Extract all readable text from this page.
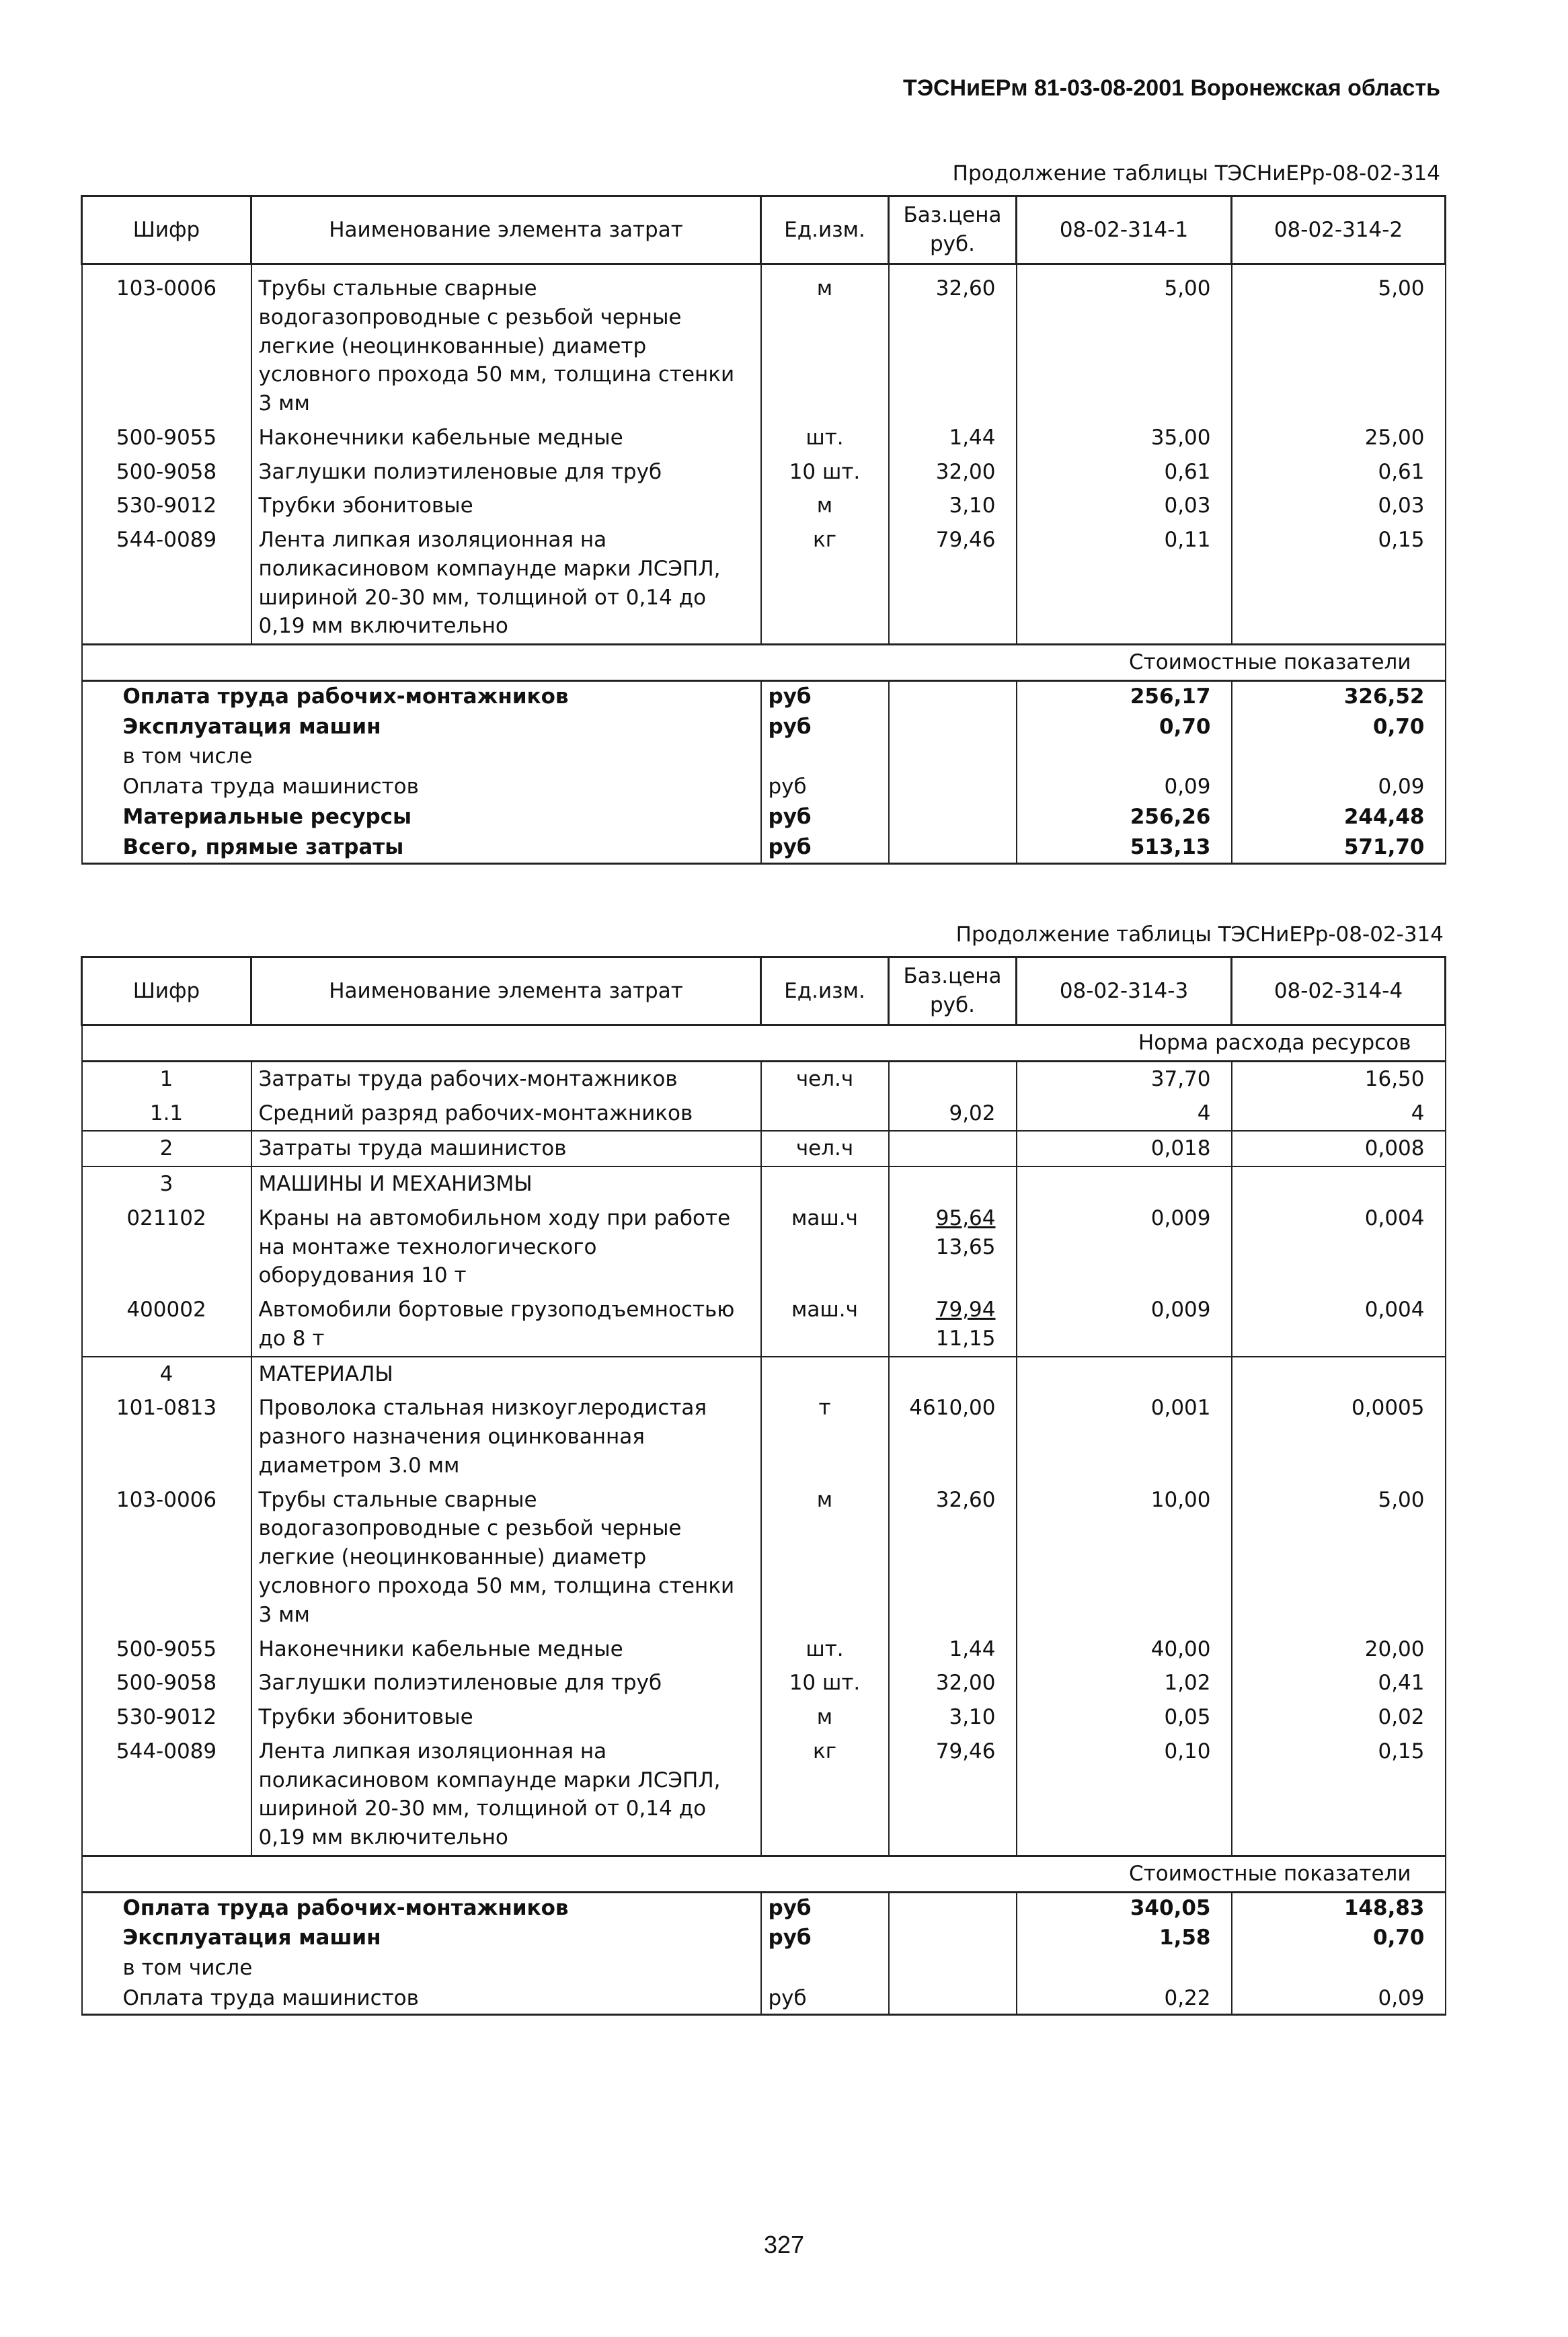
ТЭСНиЕРм 81-03-08-2001 Воронежская область
Продолжение таблицы ТЭСНиЕРр-08-02-314
Шифр	Наименование элемента затрат	Ед.изм.	Баз.цена руб.	08-02-314-1	08-02-314-2
103-0006	Трубы стальные сварные водогазопроводные с резьбой черные легкие (неоцинкованные) диаметр условного прохода 50 мм, толщина стенки 3 мм	м	32,60	5,00	5,00
500-9055	Наконечники кабельные медные	шт.	1,44	35,00	25,00
500-9058	Заглушки полиэтиленовые для труб	10 шт.	32,00	0,61	0,61
530-9012	Трубки эбонитовые	м	3,10	0,03	0,03
544-0089	Лента липкая изоляционная на поликасиновом компаунде марки ЛСЭПЛ, шириной 20-30 мм, толщиной от 0,14 до 0,19 мм включительно	кг	79,46	0,11	0,15
Стоимостные показатели					
Оплата труда рабочих-монтажников		руб		256,17	326,52
Эксплуатация машин		руб		0,70	0,70
в том числе					
Оплата труда машинистов		руб		0,09	0,09
Материальные ресурсы		руб		256,26	244,48
Всего, прямые затраты		руб		513,13	571,70
Продолжение таблицы ТЭСНиЕРр-08-02-314
Шифр	Наименование элемента затрат	Ед.изм.	Баз.цена руб.	08-02-314-3	08-02-314-4
Норма расхода ресурсов					
1	Затраты труда рабочих-монтажников	чел.ч		37,70	16,50
1.1	Средний разряд рабочих-монтажников		9,02	4	4
2	Затраты труда машинистов	чел.ч		0,018	0,008
3	МАШИНЫ И МЕХАНИЗМЫ				
021102	Краны на автомобильном ходу при работе на монтаже технологического оборудования 10 т	маш.ч	$\frac{95,64}{13,65}$	0,009	0,004
400002	Автомобили бортовые грузоподъемностью до 8 т	маш.ч	$\frac{79,94}{11,15}$	0,009	0,004
4	МАТЕРИАЛЫ				
101-0813	Проволока стальная низкоуглеродистая разного назначения оцинкованная диаметром 3.0 мм	т	4610,00	0,001	0,0005
103-0006	Трубы стальные сварные водогазопроводные с резьбой черные легкие (неоцинкованные) диаметр условного прохода 50 мм, толщина стенки 3 мм	м	32,60	10,00	5,00
500-9055	Наконечники кабельные медные	шт.	1,44	40,00	20,00
500-9058	Заглушки полиэтиленовые для труб	10 шт.	32,00	1,02	0,41
530-9012	Трубки эбонитовые	м	3,10	0,05	0,02
544-0089	Лента липкая изоляционная на поликасиновом компаунде марки ЛСЭПЛ, шириной 20-30 мм, толщиной от 0,14 до 0,19 мм включительно	кг	79,46	0,10	0,15
Стоимостные показатели					
Оплата труда рабочих-монтажников		руб		340,05	148,83
Эксплуатация машин		руб		1,58	0,70
в том числе					
Оплата труда машинистов		руб		0,22	0,09
327
